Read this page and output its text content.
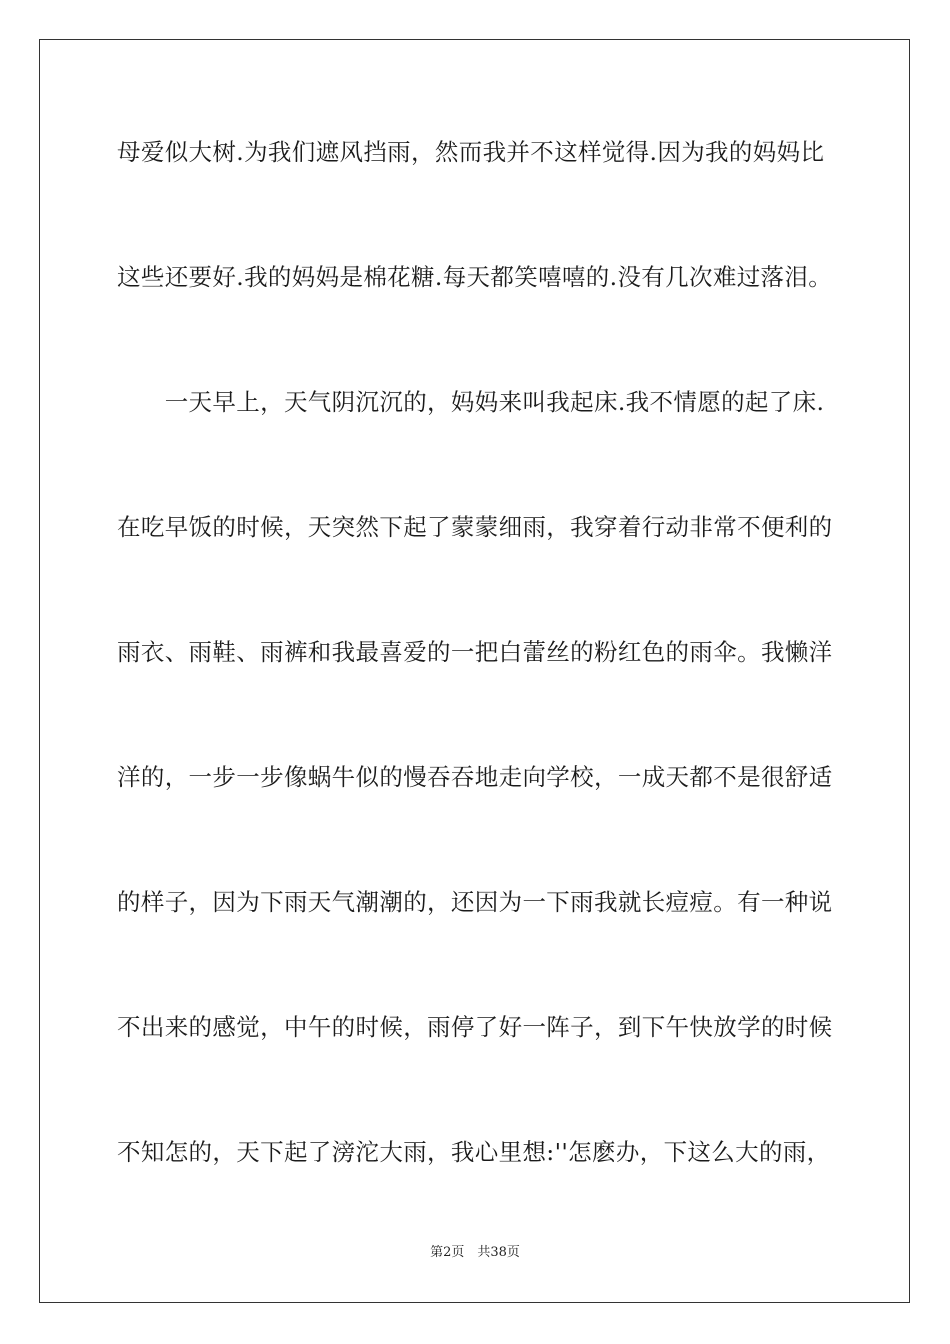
母爱似大树.为我们遮风挡雨，然而我并不这样觉得.因为我的妈妈比
这些还要好.我的妈妈是棉花糖.每天都笑嘻嘻的.没有几次难过落泪。
　　一天早上，天气阴沉沉的，妈妈来叫我起床.我不情愿的起了床.
在吃早饭的时候，天突然下起了蒙蒙细雨，我穿着行动非常不便利的
雨衣、雨鞋、雨裤和我最喜爱的一把白蕾丝的粉红色的雨伞。我懒洋
洋的，一步一步像蜗牛似的慢吞吞地走向学校，一成天都不是很舒适
的样子，因为下雨天气潮潮的，还因为一下雨我就长痘痘。有一种说
不出来的感觉，中午的时候，雨停了好一阵子，到下午快放学的时候
不知怎的，天下起了滂沱大雨，我心里想:''怎麽办，下这么大的雨，
第2页　共38页
